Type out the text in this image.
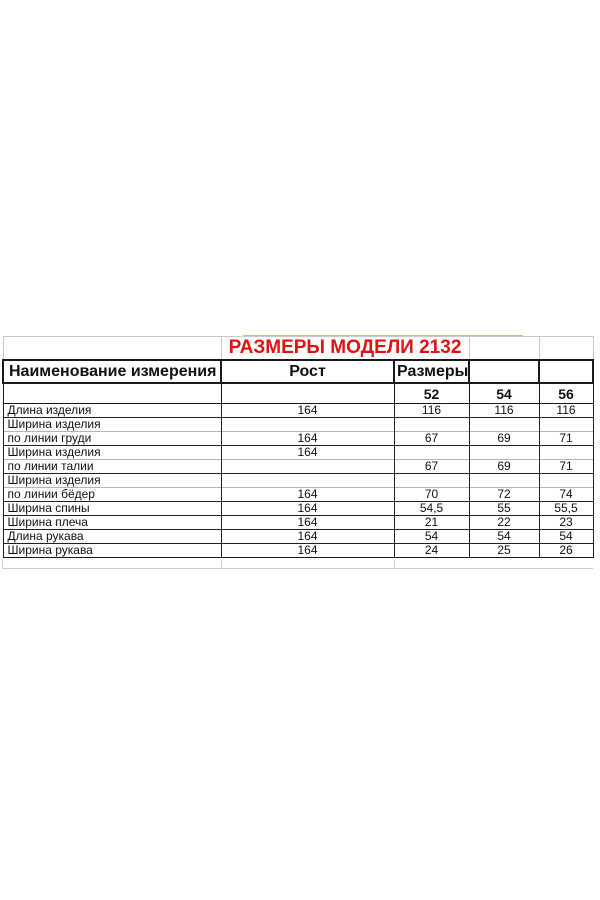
	РАЗМЕРЫ МОДЕЛИ 2132			
Наименование измерения	Рост	Размеры		
		52	54	56
Длина изделия	164	116	116	116
Ширина изделия				
по линии груди	164	67	69	71
Ширина изделия	164			
по линии талии		67	69	71
Ширина изделия				
по линии бёдер	164	70	72	74
Ширина спины	164	54,5	55	55,5
Ширина плеча	164	21	22	23
Длина рукава	164	54	54	54
Ширина рукава	164	24	25	26
